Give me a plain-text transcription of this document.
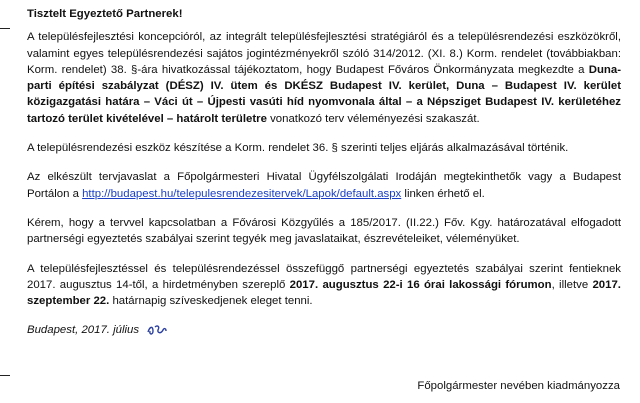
Tisztelt Egyeztető Partnerek!

A településfejlesztési koncepcióról, az integrált településfejlesztési stratégiáról és a településrendezési eszközökről, valamint egyes településrendezési sajátos jogintézményekről szóló 314/2012. (XI. 8.) Korm. rendelet (továbbiakban: Korm. rendelet) 38. §-ára hivatkozással tájékoztatom, hogy Budapest Főváros Önkormányzata megkezdte a Duna-parti építési szabályzat (DÉSZ) IV. ütem és DKÉSZ Budapest IV. kerület, Duna – Budapest IV. kerület közigazgatási határa – Váci út – Újpesti vasúti híd nyomvonala által – a Népsziget Budapest IV. kerületéhez tartozó terület kivételével – határolt területre vonatkozó terv véleményezési szakaszát.

A településrendezési eszköz készítése a Korm. rendelet 36. § szerinti teljes eljárás alkalmazásával történik.

Az elkészült tervjavaslat a Főpolgármesteri Hivatal Ügyfélszolgálati Irodáján megtekinthetők vagy a Budapest Portálon a http://budapest.hu/telepulesrendezesitervek/Lapok/default.aspx linken érhető el.

Kérem, hogy a tervvel kapcsolatban a Fővárosi Közgyűlés a 185/2017. (II.22.) Főv. Kgy. határozatával elfogadott partnerségi egyeztetés szabályai szerint tegyék meg javaslataikat, észrevételeiket, véleményüket.

A településfejlesztéssel és településrendezéssel összefüggő partnerségi egyeztetés szabályai szerint fentieknek 2017. augusztus 14-től, a hirdetményben szereplő 2017. augusztus 22-i 16 órai lakossági fórumon, illetve 2017. szeptember 22. határnapig szíveskedjenek eleget tenni.

Budapest, 2017. július

Főpolgármester nevében kiadmányozza
